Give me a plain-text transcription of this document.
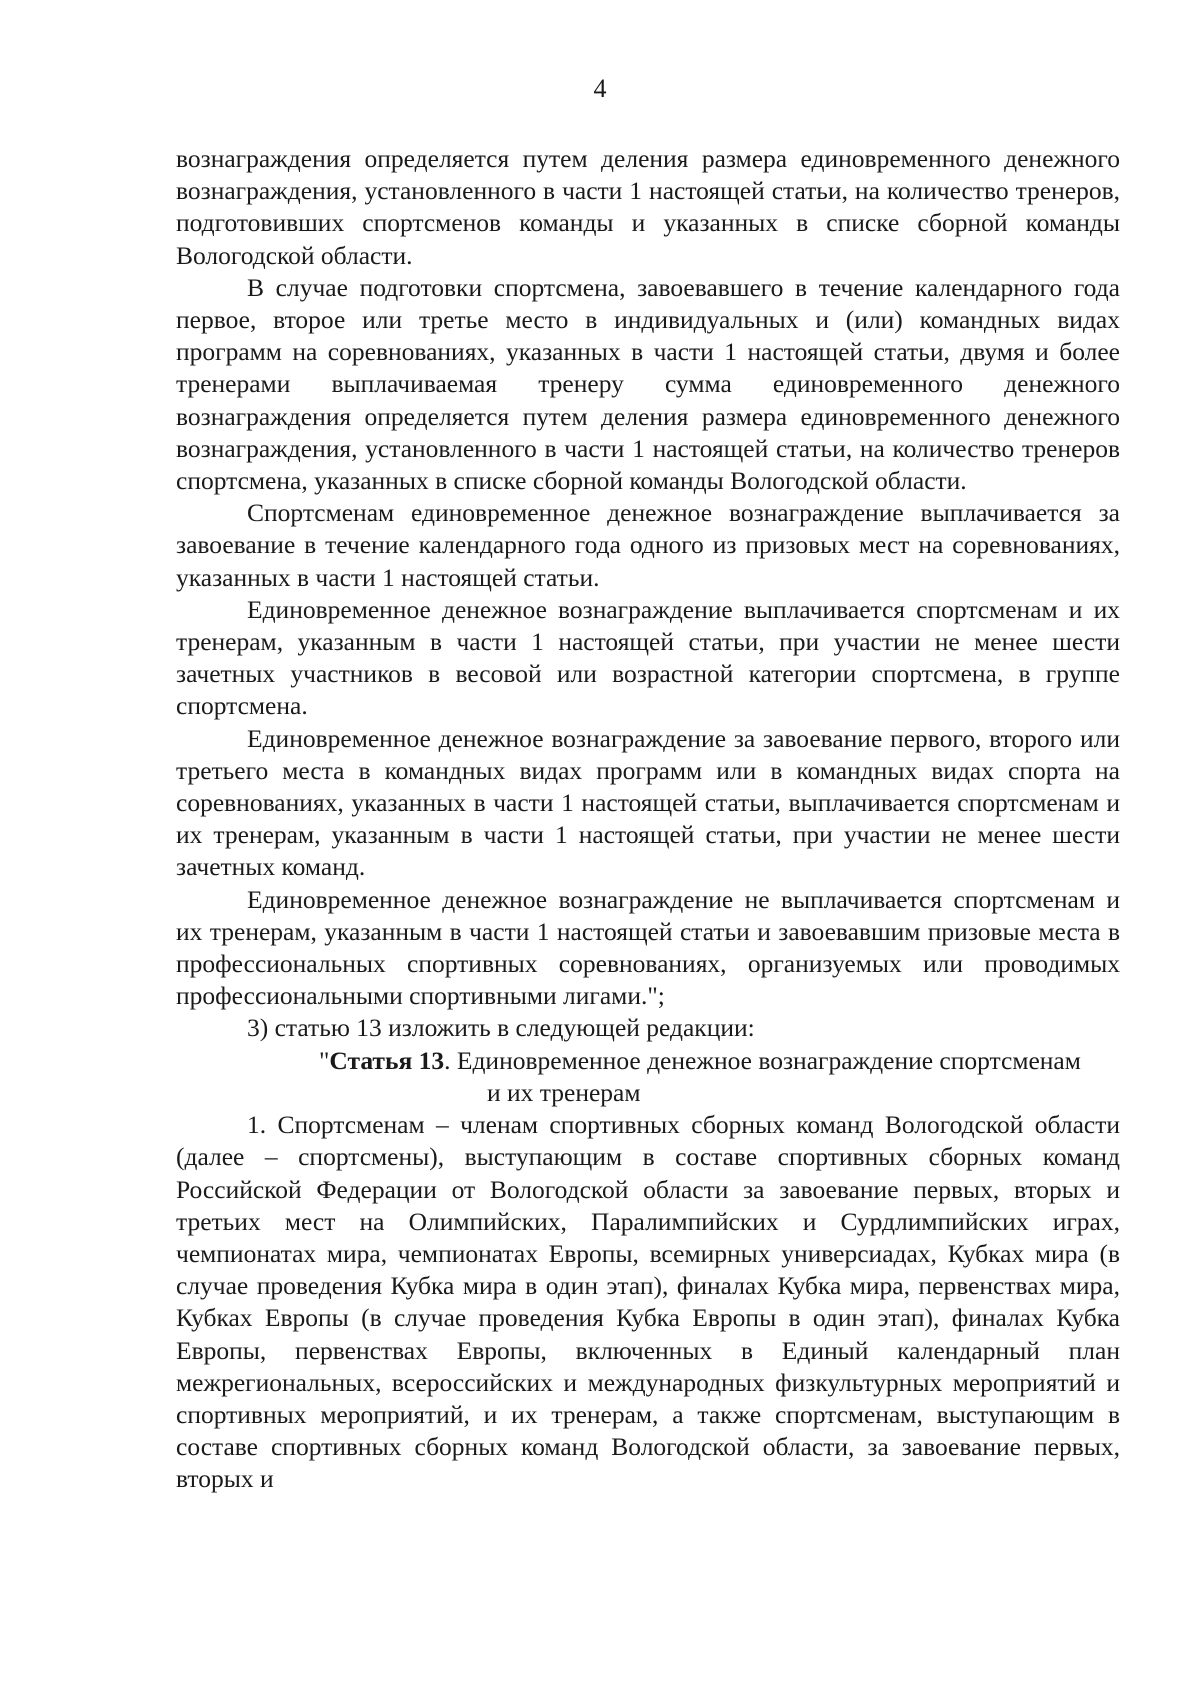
4

вознаграждения определяется путем деления размера единовременного денежного вознаграждения, установленного в части 1 настоящей статьи, на количество тренеров, подготовивших спортсменов команды и указанных в списке сборной команды Вологодской области.

В случае подготовки спортсмена, завоевавшего в течение календарного года первое, второе или третье место в индивидуальных и (или) командных видах программ на соревнованиях, указанных в части 1 настоящей статьи, двумя и более тренерами выплачиваемая тренеру сумма единовременного денежного вознаграждения определяется путем деления размера единовременного денежного вознаграждения, установленного в части 1 настоящей статьи, на количество тренеров спортсмена, указанных в списке сборной команды Вологодской области.

Спортсменам единовременное денежное вознаграждение выплачивается за завоевание в течение календарного года одного из призовых мест на соревнованиях, указанных в части 1 настоящей статьи.

Единовременное денежное вознаграждение выплачивается спортсменам и их тренерам, указанным в части 1 настоящей статьи, при участии не менее шести зачетных участников в весовой или возрастной категории спортсмена, в группе спортсмена.

Единовременное денежное вознаграждение за завоевание первого, второго или третьего места в командных видах программ или в командных видах спорта на соревнованиях, указанных в части 1 настоящей статьи, выплачивается спортсменам и их тренерам, указанным в части 1 настоящей статьи, при участии не менее шести зачетных команд.

Единовременное денежное вознаграждение не выплачивается спортсменам и их тренерам, указанным в части 1 настоящей статьи и завоевавшим призовые места в профессиональных спортивных соревнованиях, организуемых или проводимых профессиональными спортивными лигами.";

3) статью 13 изложить в следующей редакции:

"Статья 13. Единовременное денежное вознаграждение спортсменам
и их тренерам

1. Спортсменам – членам спортивных сборных команд Вологодской области (далее – спортсмены), выступающим в составе спортивных сборных команд Российской Федерации от Вологодской области за завоевание первых, вторых и третьих мест на Олимпийских, Паралимпийских и Сурдлимпийских играх, чемпионатах мира, чемпионатах Европы, всемирных универсиадах, Кубках мира (в случае проведения Кубка мира в один этап), финалах Кубка мира, первенствах мира, Кубках Европы (в случае проведения Кубка Европы в один этап), финалах Кубка Европы, первенствах Европы, включенных в Единый календарный план межрегиональных, всероссийских и международных физкультурных мероприятий и спортивных мероприятий, и их тренерам, а также спортсменам, выступающим в составе спортивных сборных команд Вологодской области, за завоевание первых, вторых и
